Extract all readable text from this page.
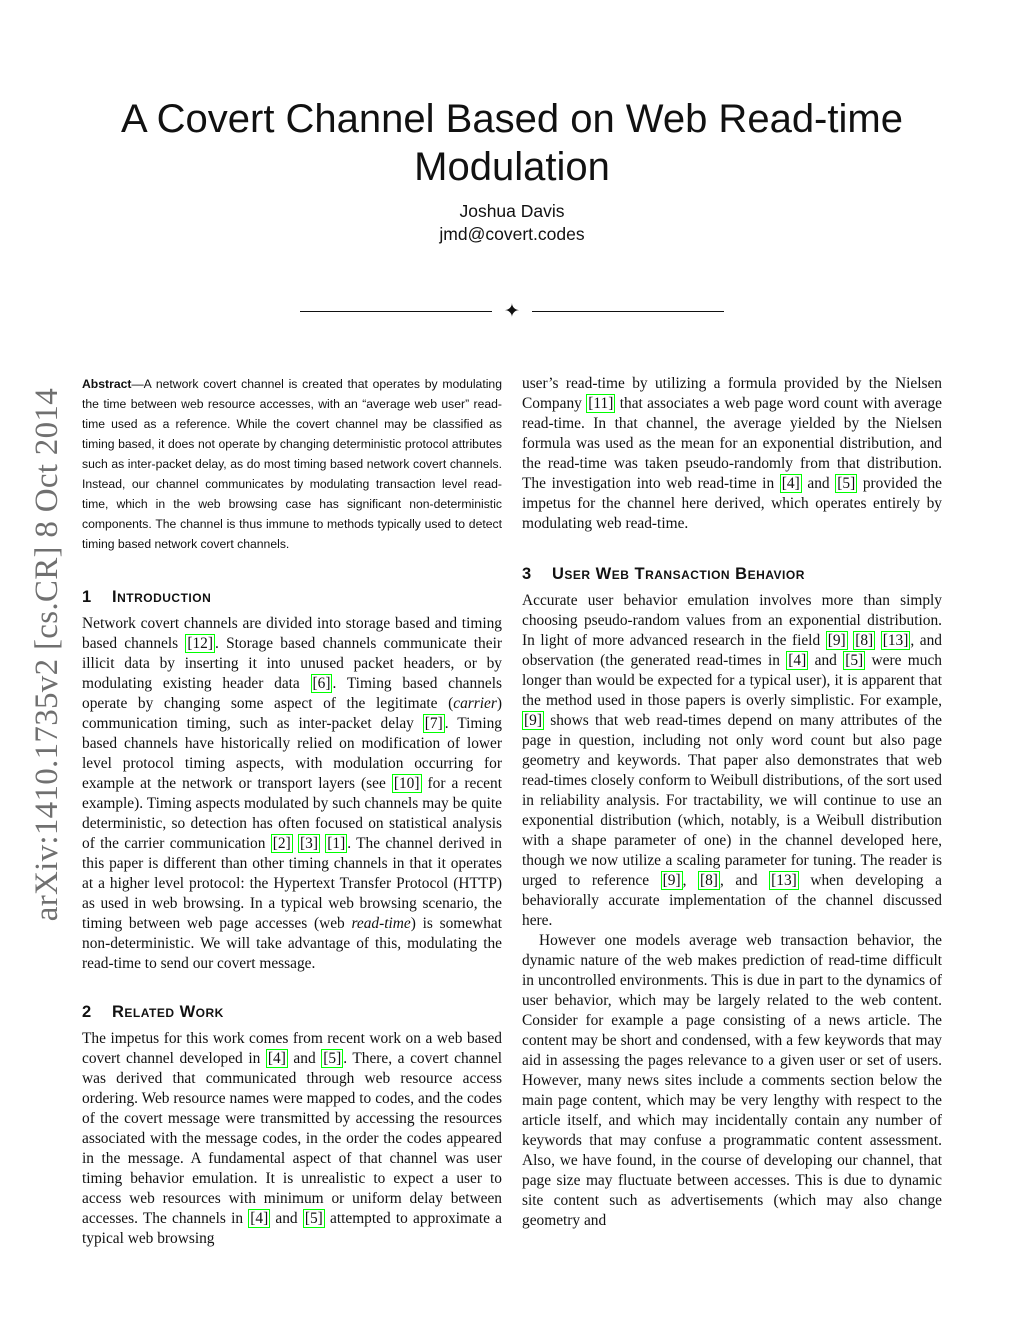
arXiv:1410.1735v2 [cs.CR] 8 Oct 2014
A Covert Channel Based on Web Read-time Modulation
Joshua Davis
jmd@covert.codes
✦

Abstract—A network covert channel is created that operates by modulating the time between web resource accesses, with an “average web user” read-time used as a reference. While the covert channel may be classified as timing based, it does not operate by changing deterministic protocol attributes such as inter-packet delay, as do most timing based network covert channels. Instead, our channel communicates by modulating transaction level read-time, which in the web browsing case has significant non-deterministic components. The channel is thus immune to methods typically used to detect timing based network covert channels.

1 Introduction

Network covert channels are divided into storage based and timing based channels [12] . Storage based channels communicate their illicit data by inserting it into unused packet headers, or by modulating existing header data [6] . Timing based channels operate by changing some aspect of the legitimate (carrier) communication timing, such as inter-packet delay [7] . Timing based channels have historically relied on modification of lower level protocol timing aspects, with modulation occurring for example at the network or transport layers (see [10] for a recent example). Timing aspects modulated by such channels may be quite deterministic, so detection has often focused on statistical analysis of the carrier communication [2] [3] [1] . The channel derived in this paper is different than other timing channels in that it operates at a higher level protocol: the Hypertext Transfer Protocol (HTTP) as used in web browsing. In a typical web browsing scenario, the timing between web page accesses (web read-time) is somewhat non-deterministic. We will take advantage of this, modulating the read-time to send our covert message.

2 Related Work

The impetus for this work comes from recent work on a web based covert channel developed in [4] and [5] . There, a covert channel was derived that communicated through web resource access ordering. Web resource names were mapped to codes, and the codes of the covert message were transmitted by accessing the resources associated with the message codes, in the order the codes appeared in the message. A fundamental aspect of that channel was user timing behavior emulation. It is unrealistic to expect a user to access web resources with minimum or uniform delay between accesses. The channels in [4] and [5] attempted to approximate a typical web browsing

user’s read-time by utilizing a formula provided by the Nielsen Company [11] that associates a web page word count with average read-time. In that channel, the average yielded by the Nielsen formula was used as the mean for an exponential distribution, and the read-time was taken pseudo-randomly from that distribution. The investigation into web read-time in [4] and [5] provided the impetus for the channel here derived, which operates entirely by modulating web read-time.

3 User Web Transaction Behavior

Accurate user behavior emulation involves more than simply choosing pseudo-random values from an exponential distribution. In light of more advanced research in the field [9] [8] [13] , and observation (the generated read-times in [4] and [5] were much longer than would be expected for a typical user), it is apparent that the method used in those papers is overly simplistic. For example, [9] shows that web read-times depend on many attributes of the page in question, including not only word count but also page geometry and keywords. That paper also demonstrates that web read-times closely conform to Weibull distributions, of the sort used in reliability analysis. For tractability, we will continue to use an exponential distribution (which, notably, is a Weibull distribution with a shape parameter of one) in the channel developed here, though we now utilize a scaling parameter for tuning. The reader is urged to reference [9] , [8] , and [13] when developing a behaviorally accurate implementation of the channel discussed here.

However one models average web transaction behavior, the dynamic nature of the web makes prediction of read-time difficult in uncontrolled environments. This is due in part to the dynamics of user behavior, which may be largely related to the web content. Consider for example a page consisting of a news article. The content may be short and condensed, with a few keywords that may aid in assessing the pages relevance to a given user or set of users. However, many news sites include a comments section below the main page content, which may be very lengthy with respect to the article itself, and which may incidentally contain any number of keywords that may confuse a programmatic content assessment. Also, we have found, in the course of developing our channel, that page size may fluctuate between accesses. This is due to dynamic site content such as advertisements (which may also change geometry and
